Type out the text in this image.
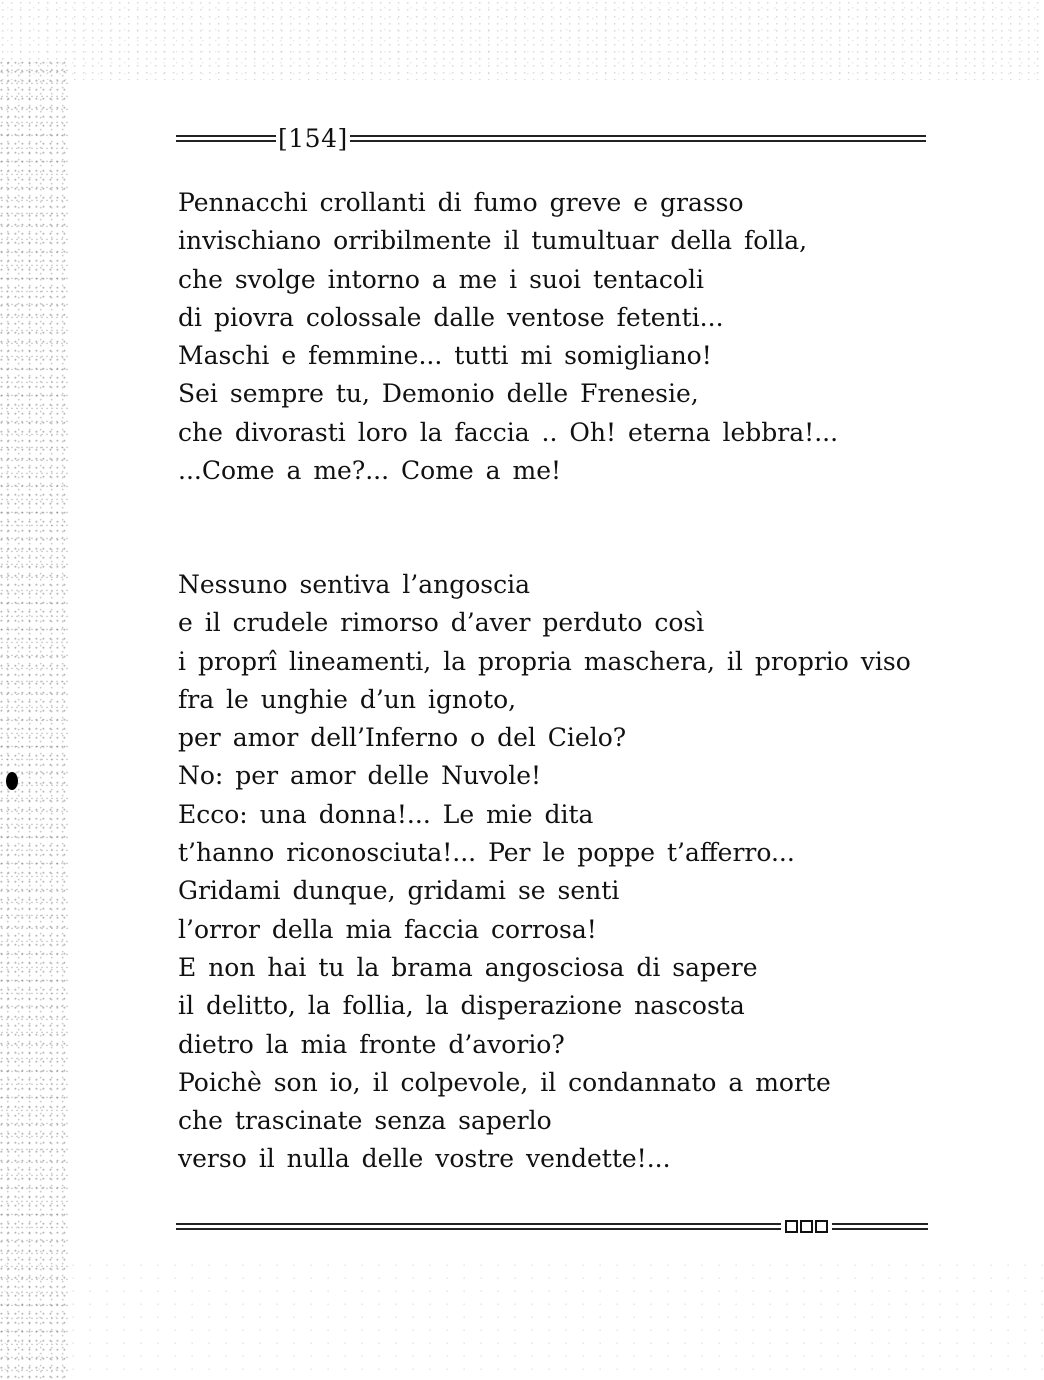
[154]
Pennacchi crollanti di fumo greve e grasso
invischiano orribilmente il tumultuar della folla,
che svolge intorno a me i suoi tentacoli
di piovra colossale dalle ventose fetenti...
Maschi e femmine... tutti mi somigliano!
Sei sempre tu, Demonio delle Frenesie,
che divorasti loro la faccia .. Oh! eterna lebbra!...
...Come a me?... Come a me!
Nessuno sentiva l’angoscia
e il crudele rimorso d’aver perduto così
i proprî lineamenti, la propria maschera, il proprio viso
fra le unghie d’un ignoto,
per amor dell’Inferno o del Cielo?
No: per amor delle Nuvole!
Ecco: una donna!... Le mie dita
t’hanno riconosciuta!... Per le poppe t’afferro...
Gridami dunque, gridami se senti
l’orror della mia faccia corrosa!
E non hai tu la brama angosciosa di sapere
il delitto, la follia, la disperazione nascosta
dietro la mia fronte d’avorio?
Poichè son io, il colpevole, il condannato a morte
che trascinate senza saperlo
verso il nulla delle vostre vendette!...
